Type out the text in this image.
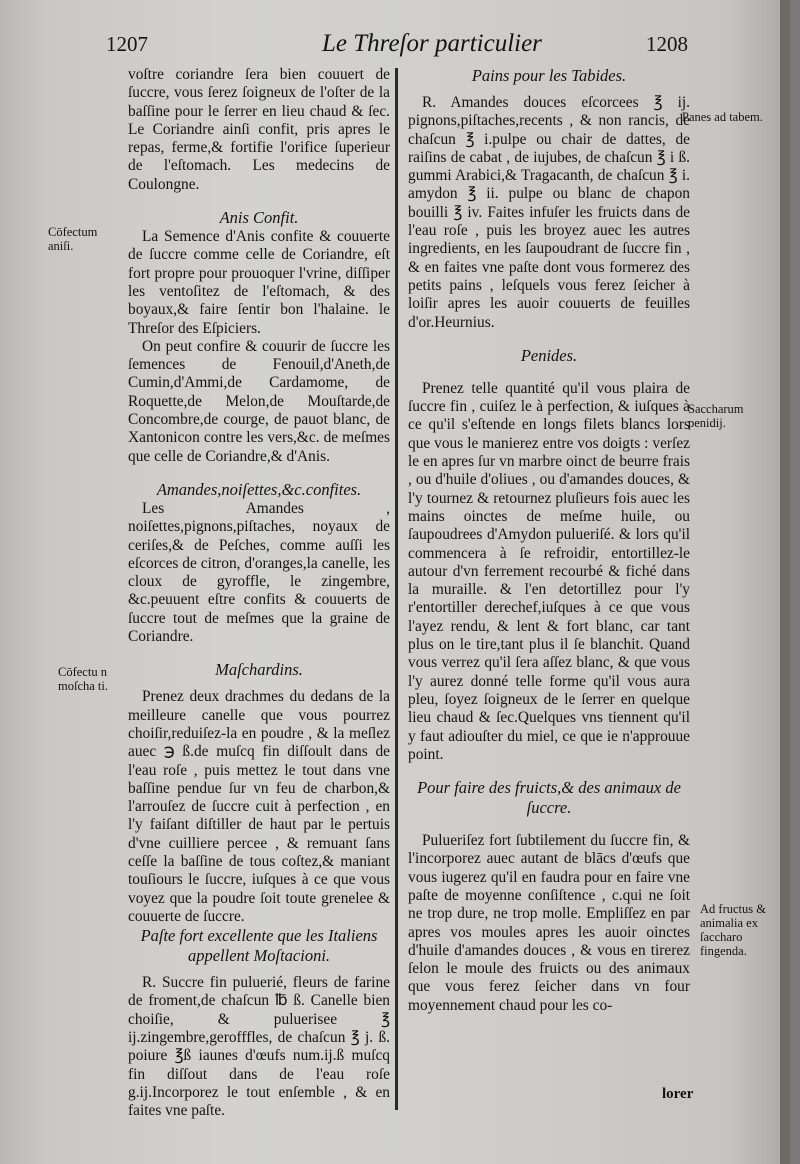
1207	Le Threſor particulier	1208

voſtre coriandre ſera bien couuert de ſuccre, vous ſerez ſoigneux de l'oſter de la baſſine pour le ſerrer en lieu chaud & ſec. Le Coriandre ainſi confit, pris apres le repas, ferme,& fortifie l'orifice ſuperieur de l'eſtomach. Les medecins de Coulongne.

Anis Confit.

La Semence d'Anis confite & couuerte de ſuccre comme celle de Coriandre, eſt fort propre pour prouoquer l'vrine, diſſiper les ventoſitez de l'eſtomach, & des boyaux,& faire ſentir bon l'halaine. le Threſor des Eſpiciers.

On peut confire & couurir de ſuccre les ſemences de Fenouil,d'Aneth,de Cumin,d'Ammi,de Cardamome, de Roquette,de Melon,de Mouſtarde,de Concombre,de courge, de pauot blanc, de Xantonicon contre les vers,&c. de meſmes que celle de Coriandre,& d'Anis.

Amandes,noiſettes,&c.confites.

Les Amandes , noiſettes,pignons,piſtaches, noyaux de ceriſes,& de Peſches, comme auſſi les eſcorces de citron, d'oranges,la canelle, les cloux de gyroffle, le zingembre, &c.peuuent eſtre confits & couuerts de ſuccre tout de meſmes que la graine de Coriandre.

Maſchardins.

Prenez deux drachmes du dedans de la meilleure canelle que vous pourrez choiſir,reduiſez-la en poudre , & la meſlez auec ℈ ß.de muſcq fin diſſoult dans de l'eau roſe , puis mettez le tout dans vne baſſine pendue ſur vn feu de charbon,& l'arrouſez de ſuccre cuit à perfection , en l'y faiſant diſtiller de haut par le pertuis d'vne cuilliere percee , & remuant ſans ceſſe la baſſine de tous coſtez,& maniant touſiours le ſuccre, iuſques à ce que vous voyez que la poudre ſoit toute grenelee & couuerte de ſuccre.

Paſte fort excellente que les Italiens appellent Moſtacioni.

R. Succre fin puluerié, fleurs de farine de froment,de chaſcun ℔ ß. Canelle bien choiſie, & puluerisee ℥ ij.zingembre,gerofffles, de chaſcun ℥ j. ß. poiure ℥ß iaunes d'œufs num.ij.ß muſcq fin diſſout dans de l'eau roſe g.ij.Incorporez le tout enſemble , & en faites vne paſte.

Pains pour les Tabides.

R. Amandes douces eſcorcees ℥ ij. pignons,piſtaches,recents , & non rancis, de chaſcun ℥ i.pulpe ou chair de dattes, de raiſins de cabat , de iujubes, de chaſcun ℥ i ß. gummi Arabici,& Tragacanth, de chaſcun ℥ i. amydon ℥ ii. pulpe ou blanc de chapon bouilli ℥ iv. Faites infuſer les fruicts dans de l'eau roſe , puis les broyez auec les autres ingredients, en les ſaupoudrant de ſuccre fin , & en faites vne paſte dont vous formerez des petits pains , leſquels vous ferez ſeicher à loiſir apres les auoir couuerts de feuilles d'or.Heurnius.

Penides.

Prenez telle quantité qu'il vous plaira de ſuccre fin , cuiſez le à perfection, & iuſques à ce qu'il s'eſtende en longs filets blancs lors que vous le manierez entre vos doigts : verſez le en apres ſur vn marbre oinct de beurre frais , ou d'huile d'oliues , ou d'amandes douces, & l'y tournez & retournez pluſieurs fois auec les mains oinctes de meſme huile, ou ſaupoudrees d'Amydon pulueriſé. & lors qu'il commencera à ſe refroidir, entortillez-le autour d'vn ferrement recourbé & fiché dans la muraille. & l'en detortillez pour l'y r'entortiller derechef,iuſques à ce que vous l'ayez rendu, & lent & fort blanc, car tant plus on le tire,tant plus il ſe blanchit. Quand vous verrez qu'il ſera aſſez blanc, & que vous l'y aurez donné telle forme qu'il vous aura pleu, ſoyez ſoigneux de le ſerrer en quelque lieu chaud & ſec.Quelques vns tiennent qu'il y faut adiouſter du miel, ce que ie n'approuue point.

Pour faire des fruicts,& des animaux de ſuccre.

Pulueriſez fort ſubtilement du ſuccre fin, & l'incorporez auec autant de blācs d'œufs que vous iugerez qu'il en faudra pour en faire vne paſte de moyenne conſiſtence , c.qui ne ſoit ne trop dure, ne trop molle. Empliſſez en par apres vos moules apres les auoir oinctes d'huile d'amandes douces , & vous en tirerez ſelon le moule des fruicts ou des animaux que vous ferez ſeicher dans vn four moyennement chaud pour les co-

Cōfectum aniſi.
Cōfectu n moſcha ti.
Panes ad tabem.
Saccharum penidij.
Ad fructus & animalia ex ſaccharo fingenda.
lorer
